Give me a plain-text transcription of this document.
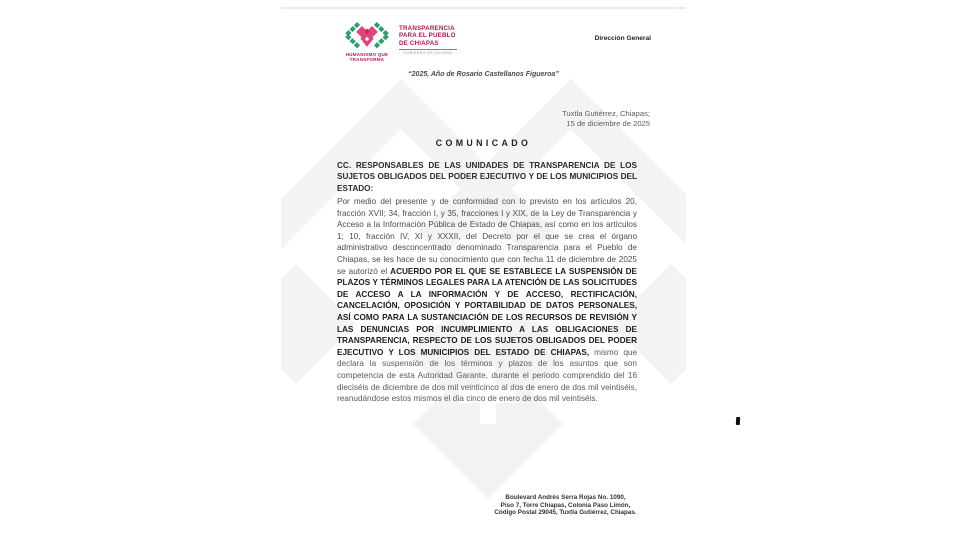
HUMANISMO QUE
TRANSFORMA
TRANSPARENCIA
PARA EL PUEBLO
DE CHIAPAS
GOBIERNO DE CHIAPAS
Dirección General
“2025, Año de Rosario Castellanos Figueroa”
Tuxtla Gutiérrez, Chiapas;
15 de diciembre de 2025
COMUNICADO
CC. RESPONSABLES DE LAS UNIDADES DE TRANSPARENCIA DE LOS SUJETOS OBLIGADOS DEL PODER EJECUTIVO Y DE LOS MUNICIPIOS DEL ESTADO:

Por medio del presente y de conformidad con lo previsto en los artículos 20, fracción XVII; 34, fracción I, y 35, fracciones I y XIX, de la Ley de Transparencia y Acceso a la Información Pública de Estado de Chiapas, así como en los artículos 1; 10, fracción IV, XI y XXXII, del Decreto por el que se crea el órgano administrativo desconcentrado denominado Transparencia para el Pueblo de Chiapas, se les hace de su conocimiento que con fecha 11 de diciembre de 2025 se autorizó el ACUERDO POR EL QUE SE ESTABLECE LA SUSPENSIÓN DE PLAZOS Y TÉRMINOS LEGALES PARA LA ATENCIÓN DE LAS SOLICITUDES DE ACCESO A LA INFORMACIÓN Y DE ACCESO, RECTIFICACIÓN, CANCELACIÓN, OPOSICIÓN Y PORTABILIDAD DE DATOS PERSONALES, ASÍ COMO PARA LA SUSTANCIACIÓN DE LOS RECURSOS DE REVISIÓN Y LAS DENUNCIAS POR INCUMPLIMIENTO A LAS OBLIGACIONES DE TRANSPARENCIA, RESPECTO DE LOS SUJETOS OBLIGADOS DEL PODER EJECUTIVO Y LOS MUNICIPIOS DEL ESTADO DE CHIAPAS, mismo que declara la suspensión de los términos y plazos de los asuntos que son competencia de esta Autoridad Garante, durante el periodo comprendido del 16 dieciséis de diciembre de dos mil veinticinco al dos de enero de dos mil veintiséis, reanudándose estos mismos el día cinco de enero de dos mil veintiséis.

Boulevard Andrés Serra Rojas No. 1090,
Piso 7, Torre Chiapas, Colonia Paso Limón,
Código Postal 29045, Tuxtla Gutiérrez, Chiapas.
